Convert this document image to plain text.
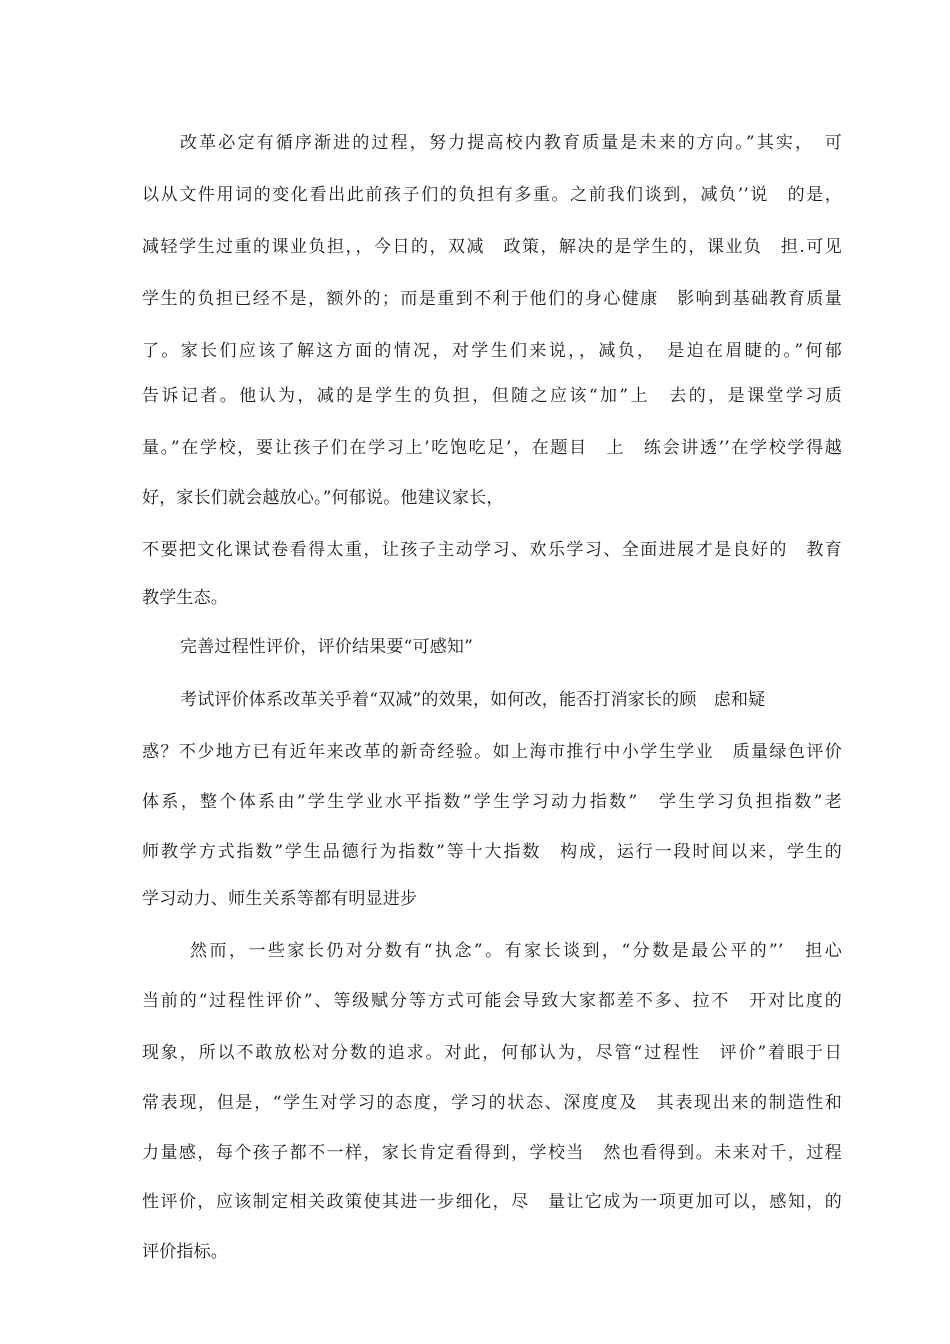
改革必定有循序渐进的过程，努力提高校内教育质量是未来的方向。”其实，　可
以从文件用词的变化看出此前孩子们的负担有多重。之前我们谈到，减负’’说　的是，
减轻学生过重的课业负担，，今日的，双减　政策，解决的是学生的，课业负　担.可见
学生的负担已经不是，额外的；而是重到不利于他们的身心健康　影响到基础教育质量
了。家长们应该了解这方面的情况，对学生们来说，，减负，　是迫在眉睫的。”何郁
告诉记者。他认为，减的是学生的负担，但随之应该“加”上　去的，是课堂学习质
量。”在学校，要让孩子们在学习上’吃饱吃足’，在题目　上　练会讲透’’在学校学得越
好，家长们就会越放心。”何郁说。他建议家长，
不要把文化课试卷看得太重，让孩子主动学习、欢乐学习、全面进展才是良好的　教育
教学生态。
完善过程性评价，评价结果要“可感知”
考试评价体系改革关乎着“双减”的效果，如何改，能否打消家长的顾　虑和疑
惑？不少地方已有近年来改革的新奇经验。如上海市推行中小学生学业　质量绿色评价
体系，整个体系由”学生学业水平指数”学生学习动力指数”　学生学习负担指数”老
师教学方式指数”学生品德行为指数”等十大指数　构成，运行一段时间以来，学生的
学习动力、师生关系等都有明显进步
然而，一些家长仍对分数有“执念”。有家长谈到，“分数是最公平的”’　担心
当前的“过程性评价”、等级赋分等方式可能会导致大家都差不多、拉不　开对比度的
现象，所以不敢放松对分数的追求。对此，何郁认为，尽管“过程性　评价”着眼于日
常表现，但是，“学生对学习的态度，学习的状态、深度度及　其表现出来的制造性和
力量感，每个孩子都不一样，家长肯定看得到，学校当　然也看得到。未来对千，过程
性评价，应该制定相关政策使其进一步细化，尽　量让它成为一项更加可以，感知，的
评价指标。
